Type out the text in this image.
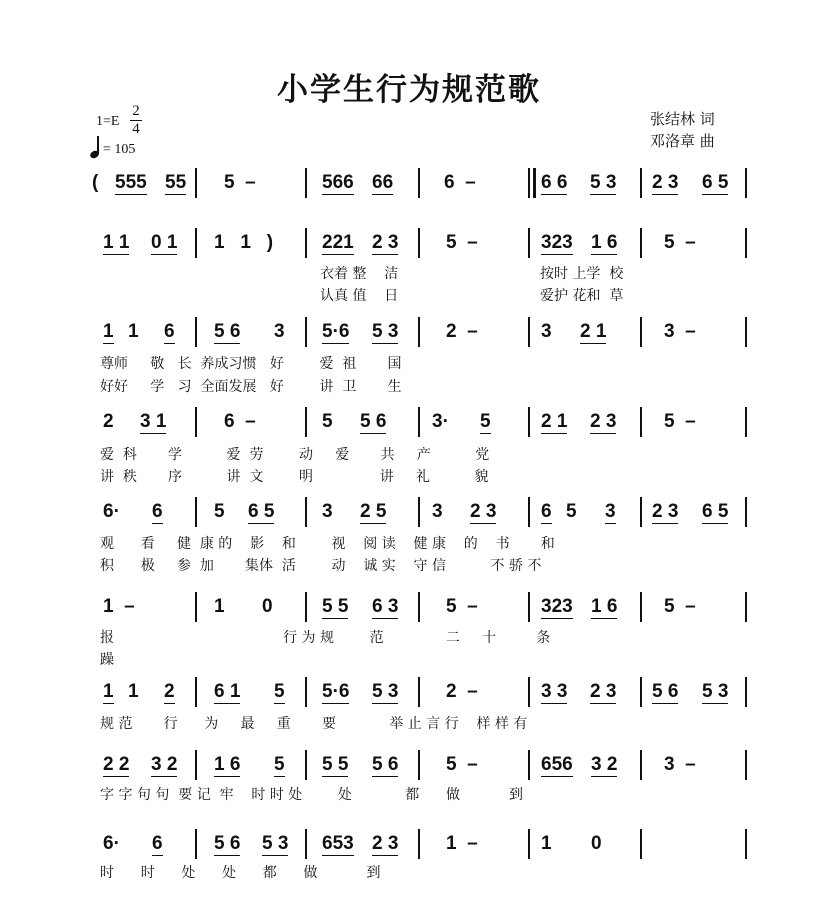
小学生行为规范歌
1=E
2
4
= 105
张结林 词
邓洛章 曲
( 555 55 5  –	566 66	6  –	6 6 5 3 2 3 6 5
1 1 0 1 1   1   )	221 2 3	5  –	323 1 6 5  –
衣着 整    洁
认真 值    日
按时 上学  校
爱护 花和  草
1 1 6 5 6 3 5·6 5 3	2  –	3 2 1	3  –
尊师     敬   长  养成习惯   好        爱  祖       国
好好     学   习  全面发展   好        讲  卫       生
2 3 1	6  –	5 5 6 3· 5	2 1 2 3	5  –
6· 6	5 6 5	3 2 5 3 2 3 6 5 3 2 3 6 5
1  –	1 0	5 5 6 3	5  –	323 1 6 5  –
1 1 2 6 1 5 5·6 5 3	2  –	3 3 2 3 5 6 5 3
2 2 3 2 1 6 5 5 5 5 6	5  –	656 3 2 3  –
6· 6	5 6 5 3 653 2 3	1  –	1 0
爱  科       学          爱  劳        动     爱       共     产          党
讲  秩       序          讲  文        明               讲     礼          貌
观      看     健  康 的    影    和        视    阅 读    健 康    的    书       和
积      极     参  加       集体  活        动    诚 实    守 信          不 骄 不
报                                      行 为 规        范              二     十         条
躁
规 范       行      为     最     重       要            举 止 言 行    样 样 有
字 字 句 句  要 记  牢    时 时 处        处            都      做           到
时      时      处      处      都      做           到
